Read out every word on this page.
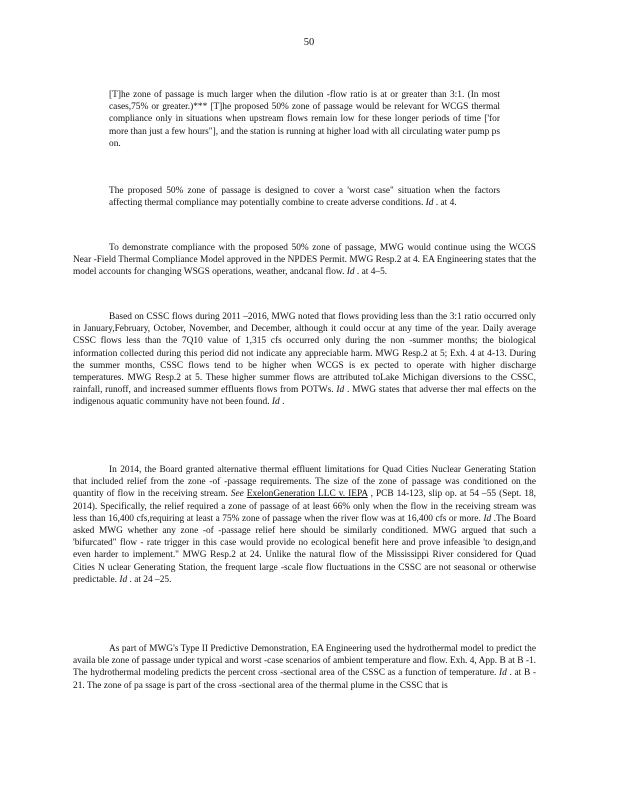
50

[T]he zone of passage is much larger when the dilution -flow ratio is at or greater than 3:1. (In most cases,75% or greater.)*** [T]he proposed 50% zone of passage would be relevant for WCGS thermal compliance only in situations when upstream flows remain low for these longer periods of time ['for more than just a few hours"], and the station is running at higher load with all circulating water pump ps on.

The proposed 50% zone of passage is designed to cover a 'worst case" situation when the factors affecting thermal compliance may potentially combine to create adverse conditions. Id . at 4.

To demonstrate compliance with the proposed 50% zone of passage, MWG would continue using the WCGS Near -Field Thermal Compliance Model approved in the NPDES Permit. MWG Resp.2 at 4. EA Engineering states that the model accounts for changing WSGS operations, weather, andcanal flow. Id . at 4–5.

Based on CSSC flows during 2011 –2016, MWG noted that flows providing less than the 3:1 ratio occurred only in January,February, October, November, and December, although it could occur at any time of the year. Daily average CSSC flows less than the 7Q10 value of 1,315 cfs occurred only during the non -summer months; the biological information collected during this period did not indicate any appreciable harm. MWG Resp.2 at 5; Exh. 4 at 4-13. During the summer months, CSSC flows tend to be higher when WCGS is ex pected to operate with higher discharge temperatures. MWG Resp.2 at 5. These higher summer flows are attributed toLake Michigan diversions to the CSSC, rainfall, runoff, and increased summer effluents flows from POTWs. Id . MWG states that adverse ther mal effects on the indigenous aquatic community have not been found. Id .

In 2014, the Board granted alternative thermal effluent limitations for Quad Cities Nuclear Generating Station that included relief from the zone -of -passage requirements. The size of the zone of passage was conditioned on the quantity of flow in the receiving stream. See ExelonGeneration LLC v. IEPA , PCB 14-123, slip op. at 54 –55 (Sept. 18, 2014). Specifically, the relief required a zone of passage of at least 66% only when the flow in the receiving stream was less than 16,400 cfs,requiring at least a 75% zone of passage when the river flow was at 16,400 cfs or more. Id .The Board asked MWG whether any zone -of -passage relief here should be similarly conditioned. MWG argued that such a 'bifurcated" flow - rate trigger in this case would provide no ecological benefit here and prove infeasible 'to design,and even harder to implement." MWG Resp.2 at 24. Unlike the natural flow of the Mississippi River considered for Quad Cities N uclear Generating Station, the frequent large -scale flow fluctuations in the CSSC are not seasonal or otherwise predictable. Id . at 24 –25.

As part of MWG's Type II Predictive Demonstration, EA Engineering used the hydrothermal model to predict the availa ble zone of passage under typical and worst -case scenarios of ambient temperature and flow. Exh. 4, App. B at B -1. The hydrothermal modeling predicts the percent cross -sectional area of the CSSC as a function of temperature. Id . at B - 21. The zone of pa ssage is part of the cross -sectional area of the thermal plume in the CSSC that is
